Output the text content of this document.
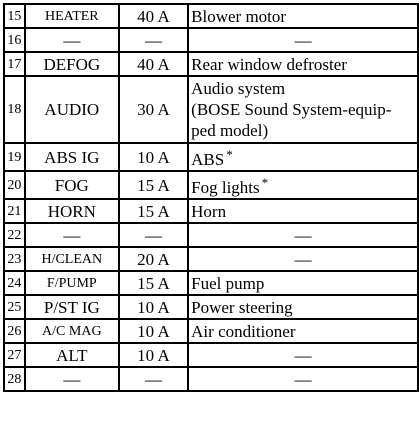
15	HEATER	40 A	Blower motor
16	—	—	—
17	DEFOG	40 A	Rear window defroster
18	AUDIO	30 A	Audio system
(BOSE Sound System-equip-
ped model)
19	ABS IG	10 A	ABS *
20	FOG	15 A	Fog lights *
21	HORN	15 A	Horn
22	—	—	—
23	H/CLEAN	20 A	—
24	F/PUMP	15 A	Fuel pump
25	P/ST IG	10 A	Power steering
26	A/C MAG	10 A	Air conditioner
27	ALT	10 A	—
28	—	—	—
